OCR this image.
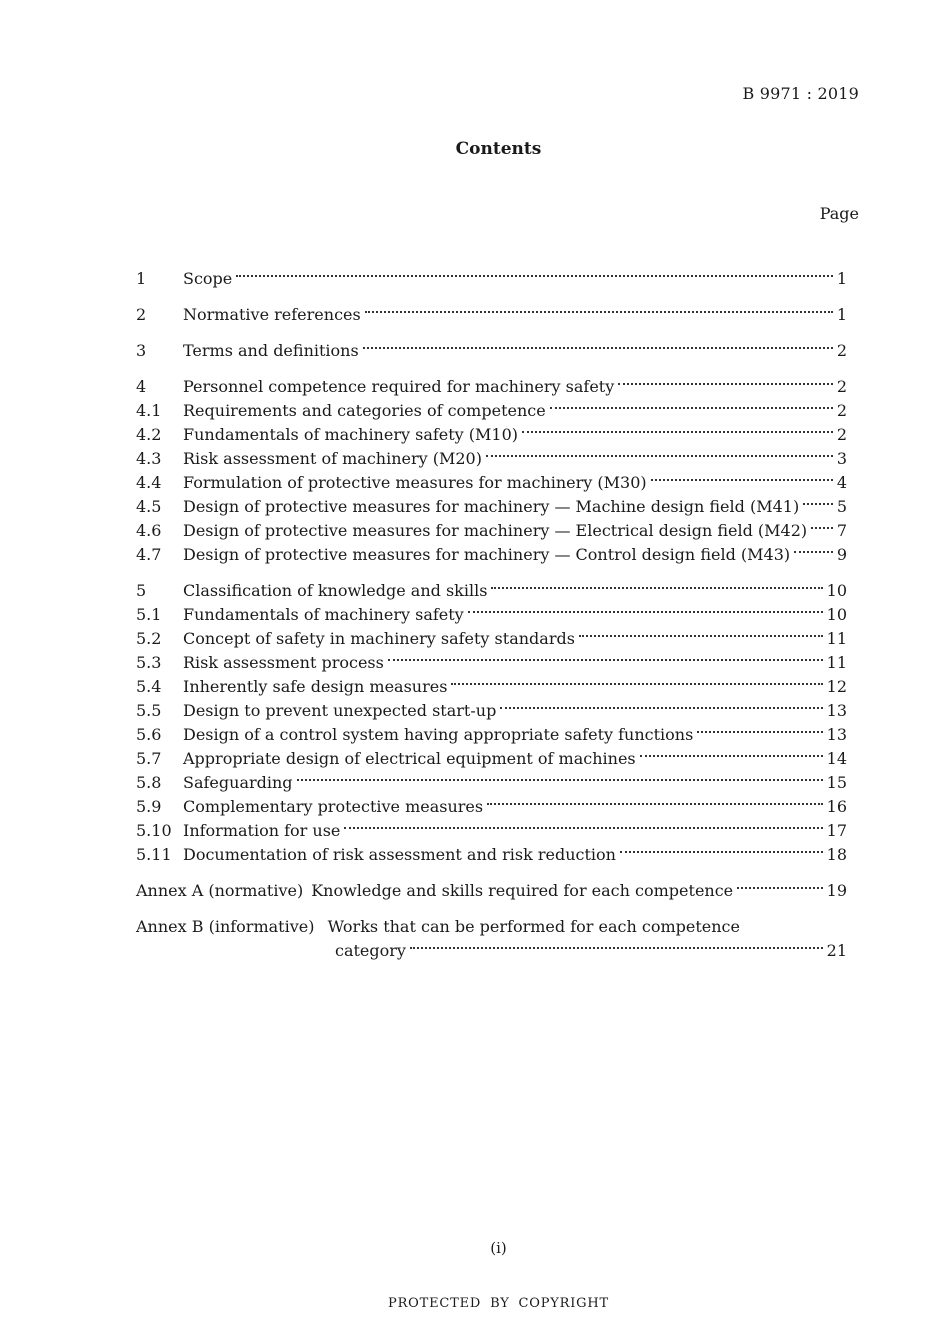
B 9971 : 2019
Contents
Page
1	Scope	1
2	Normative references	1
3	Terms and definitions	2
4	Personnel competence required for machinery safety	2
4.1	Requirements and categories of competence	2
4.2	Fundamentals of machinery safety (M10)	2
4.3	Risk assessment of machinery (M20)	3
4.4	Formulation of protective measures for machinery (M30)	4
4.5	Design of protective measures for machinery — Machine design field (M41) 5
4.6	Design of protective measures for machinery — Electrical design field (M42) 7
4.7	Design of protective measures for machinery — Control design field (M43)	9
5	Classification of knowledge and skills	10
5.1	Fundamentals of machinery safety	10
5.2	Concept of safety in machinery safety standards	11
5.3	Risk assessment process	11
5.4	Inherently safe design measures	12
5.5	Design to prevent unexpected start-up	13
5.6	Design of a control system having appropriate safety functions	13
5.7	Appropriate design of electrical equipment of machines	14
5.8	Safeguarding	15
5.9	Complementary protective measures	16
5.10 Information for use	17
5.11 Documentation of risk assessment and risk reduction	18
Annex A (normative) Knowledge and skills required for each competence	19
Annex B (informative) Works that can be performed for each competence
category	21
(i)
PROTECTED BY COPYRIGHT
